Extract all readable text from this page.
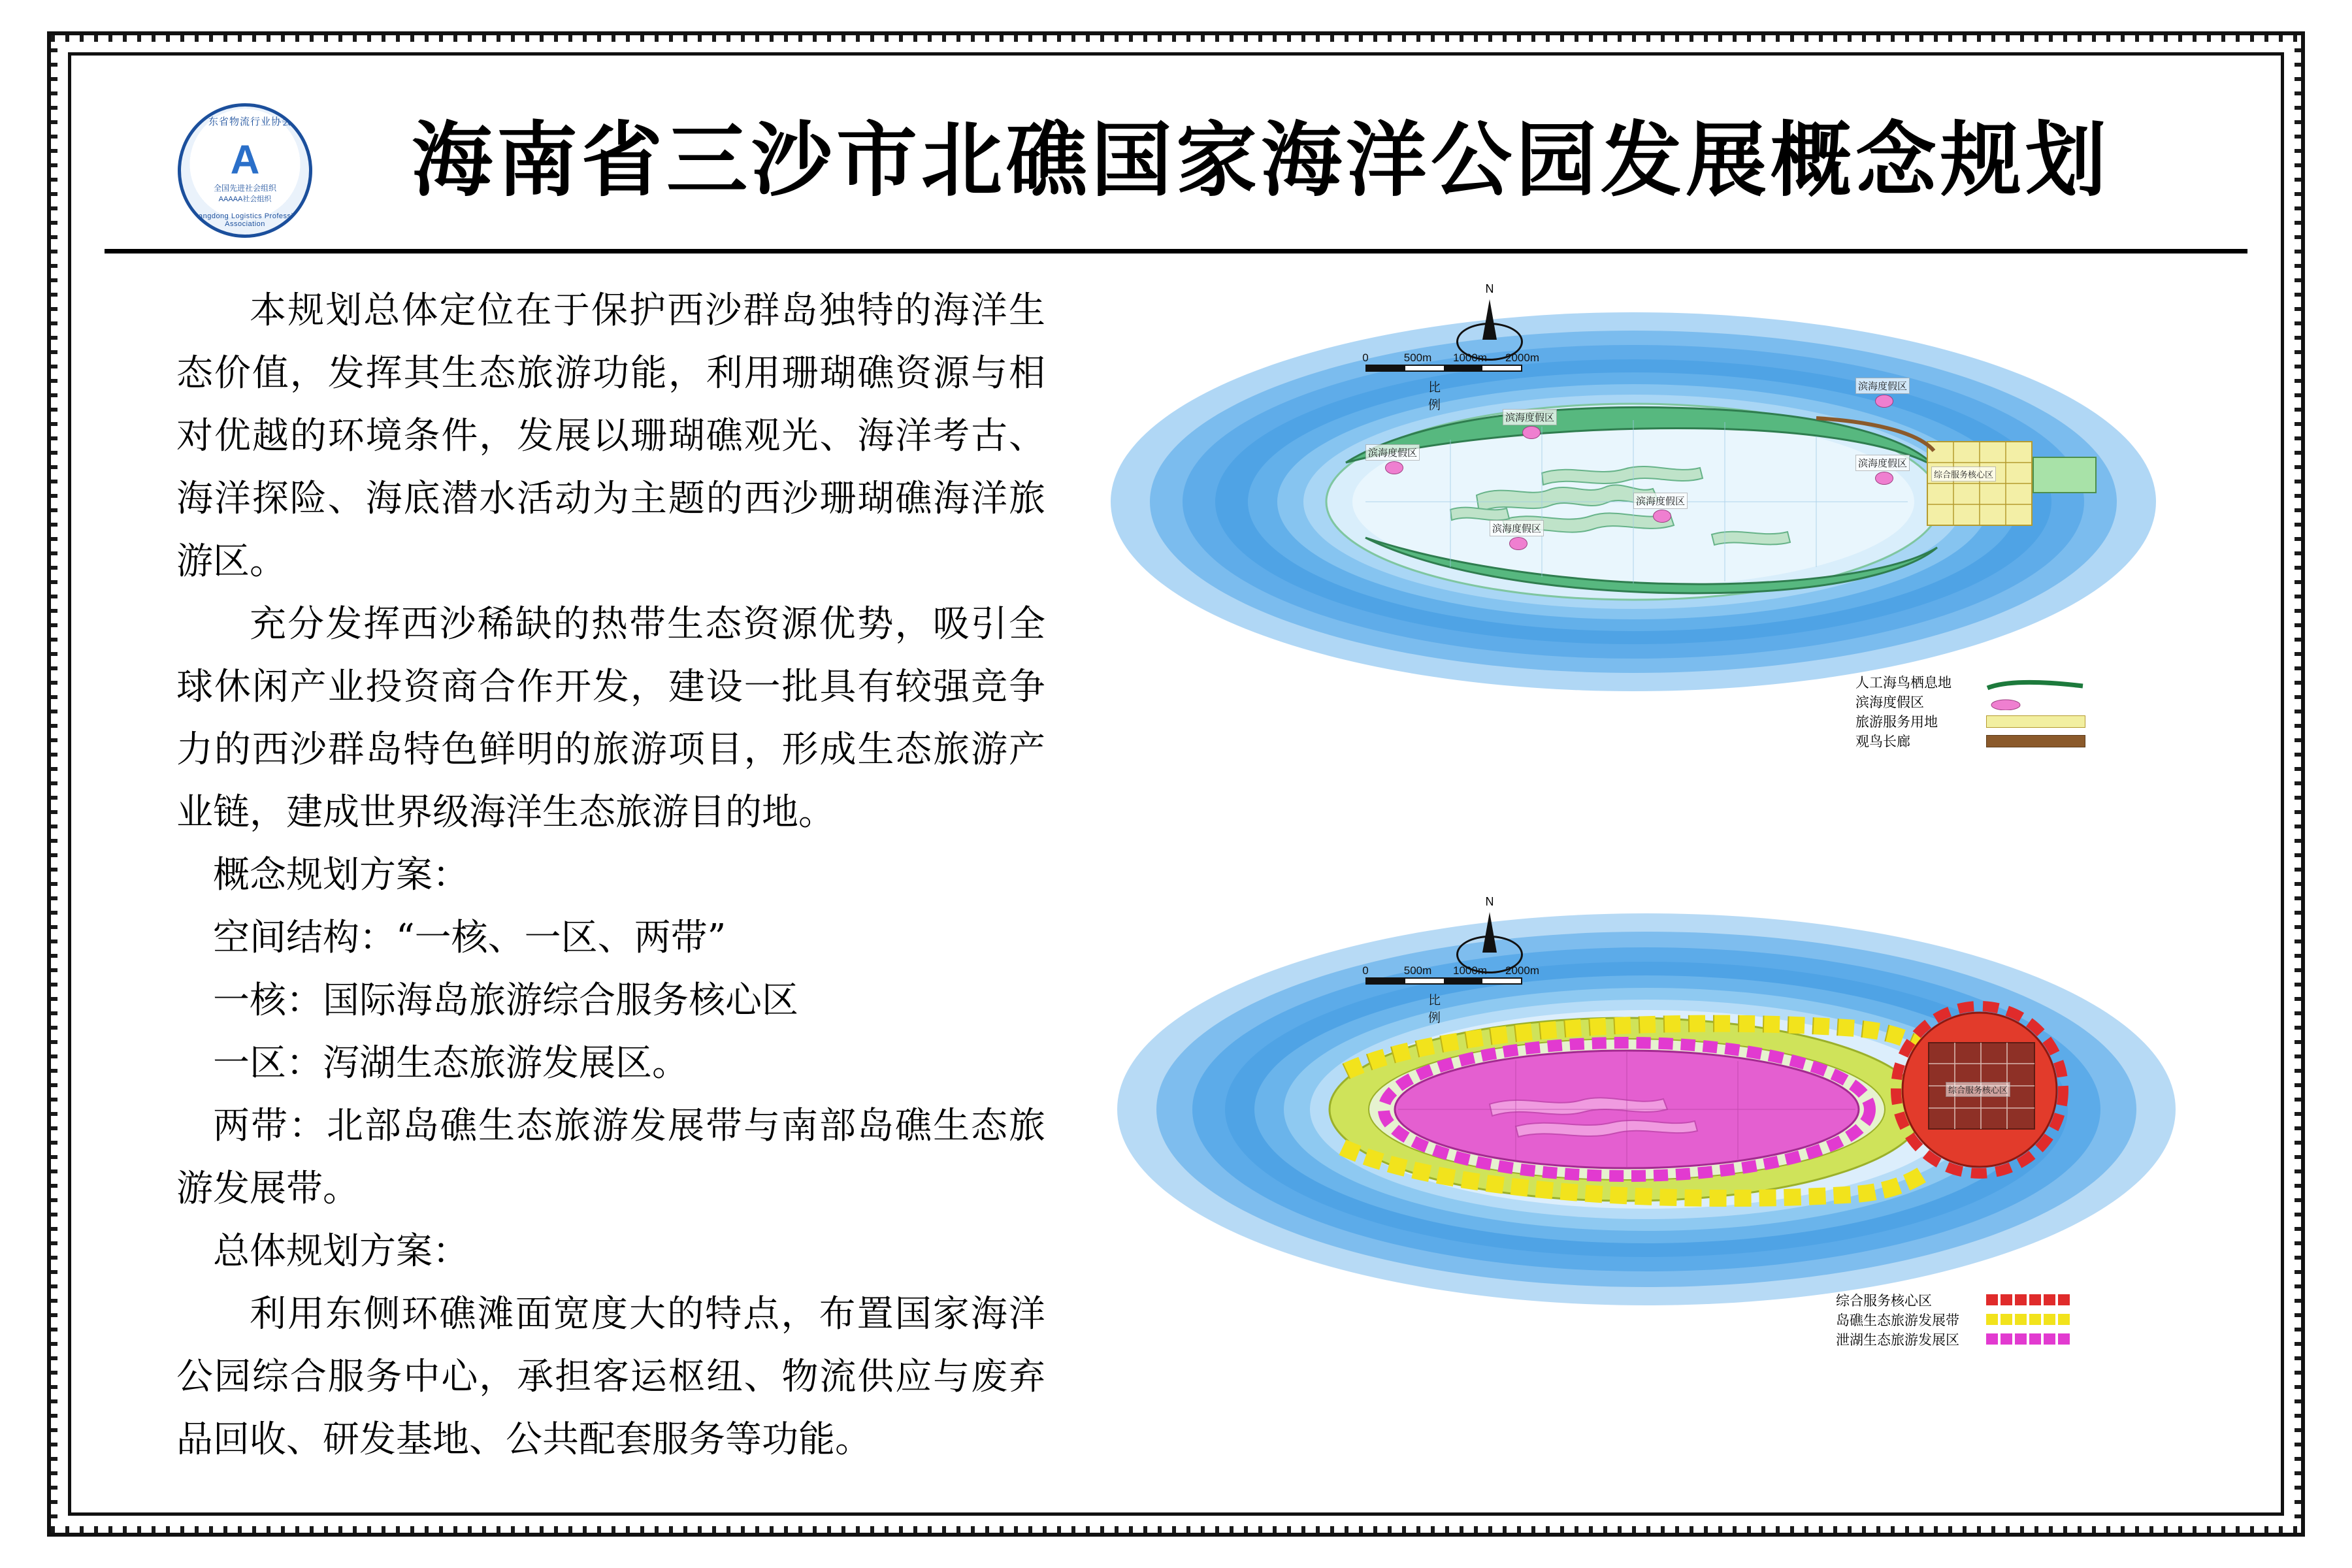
广东省物流行业协会
A
全国先进社会组织
AAAAA社会组织
Guangdong Logistics Profession Association
海南省三沙市北礁国家海洋公园发展概念规划

本规划总体定位在于保护西沙群岛独特的海洋生态价值，发挥其生态旅游功能，利用珊瑚礁资源与相对优越的环境条件，发展以珊瑚礁观光、海洋考古、海洋探险、海底潜水活动为主题的西沙珊瑚礁海洋旅游区。

充分发挥西沙稀缺的热带生态资源优势，吸引全球休闲产业投资商合作开发，建设一批具有较强竞争力的西沙群岛特色鲜明的旅游项目，形成生态旅游产业链，建成世界级海洋生态旅游目的地。

概念规划方案：

空间结构：“一核、一区、两带”

一核：国际海岛旅游综合服务核心区

一区：泻湖生态旅游发展区。

两带：北部岛礁生态旅游发展带与南部岛礁生态旅游发展带。

总体规划方案：

利用东侧环礁滩面宽度大的特点，布置国家海洋公园综合服务中心，承担客运枢纽、物流供应与废弃品回收、研发基地、公共配套服务等功能。

N
0	500m 1000m 2000m
比 例
滨海度假区
滨海度假区
滨海度假区
滨海度假区
滨海度假区
滨海度假区
综合服务核心区
人工海鸟栖息地
滨海度假区
旅游服务用地
观鸟长廊
N
0	500m 1000m 2000m
比 例
综合服务核心区
综合服务核心区
岛礁生态旅游发展带
泄湖生态旅游发展区
